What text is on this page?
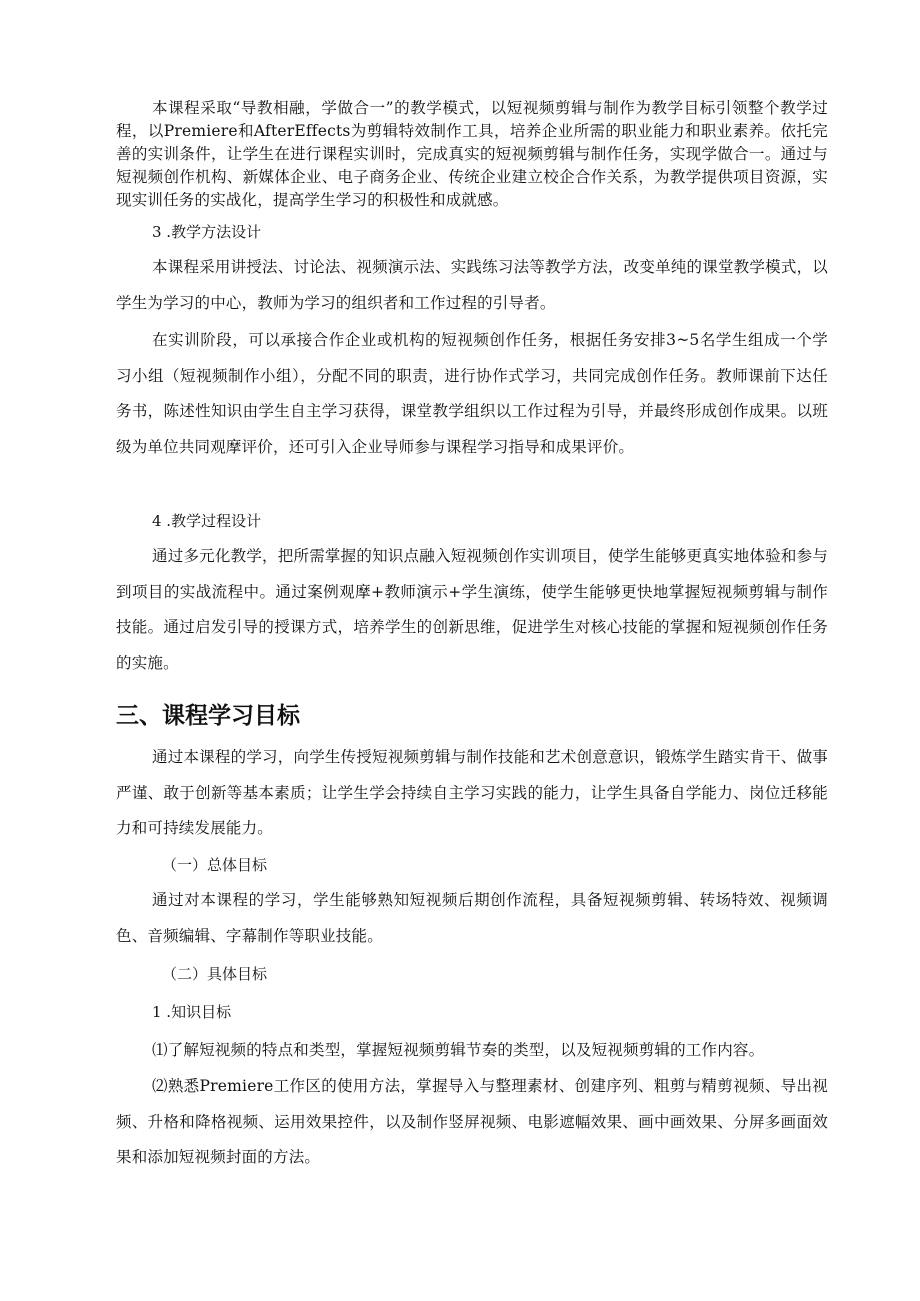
本课程采取“导教相融，学做合一”的教学模式，以短视频剪辑与制作为教学目标引领整个教学过程，以Premiere和AfterEffects为剪辑特效制作工具，培养企业所需的职业能力和职业素养。依托完善的实训条件，让学生在进行课程实训时，完成真实的短视频剪辑与制作任务，实现学做合一。通过与短视频创作机构、新媒体企业、电子商务企业、传统企业建立校企合作关系，为教学提供项目资源，实现实训任务的实战化，提高学生学习的积极性和成就感。

3 .教学方法设计

本课程采用讲授法、讨论法、视频演示法、实践练习法等教学方法，改变单纯的课堂教学模式，以学生为学习的中心，教师为学习的组织者和工作过程的引导者。

在实训阶段，可以承接合作企业或机构的短视频创作任务，根据任务安排3~5名学生组成一个学习小组（短视频制作小组），分配不同的职责，进行协作式学习，共同完成创作任务。教师课前下达任务书，陈述性知识由学生自主学习获得，课堂教学组织以工作过程为引导，并最终形成创作成果。以班级为单位共同观摩评价，还可引入企业导师参与课程学习指导和成果评价。

4 .教学过程设计

通过多元化教学，把所需掌握的知识点融入短视频创作实训项目，使学生能够更真实地体验和参与到项目的实战流程中。通过案例观摩+教师演示+学生演练，使学生能够更快地掌握短视频剪辑与制作技能。通过启发引导的授课方式，培养学生的创新思维，促进学生对核心技能的掌握和短视频创作任务的实施。

三、课程学习目标

通过本课程的学习，向学生传授短视频剪辑与制作技能和艺术创意意识，锻炼学生踏实肯干、做事严谨、敢于创新等基本素质；让学生学会持续自主学习实践的能力，让学生具备自学能力、岗位迁移能力和可持续发展能力。

（一）总体目标

通过对本课程的学习，学生能够熟知短视频后期创作流程，具备短视频剪辑、转场特效、视频调色、音频编辑、字幕制作等职业技能。

（二）具体目标

1 .知识目标

⑴了解短视频的特点和类型，掌握短视频剪辑节奏的类型，以及短视频剪辑的工作内容。

⑵熟悉Premiere工作区的使用方法，掌握导入与整理素材、创建序列、粗剪与精剪视频、导出视频、升格和降格视频、运用效果控件，以及制作竖屏视频、电影遮幅效果、画中画效果、分屏多画面效果和添加短视频封面的方法。
